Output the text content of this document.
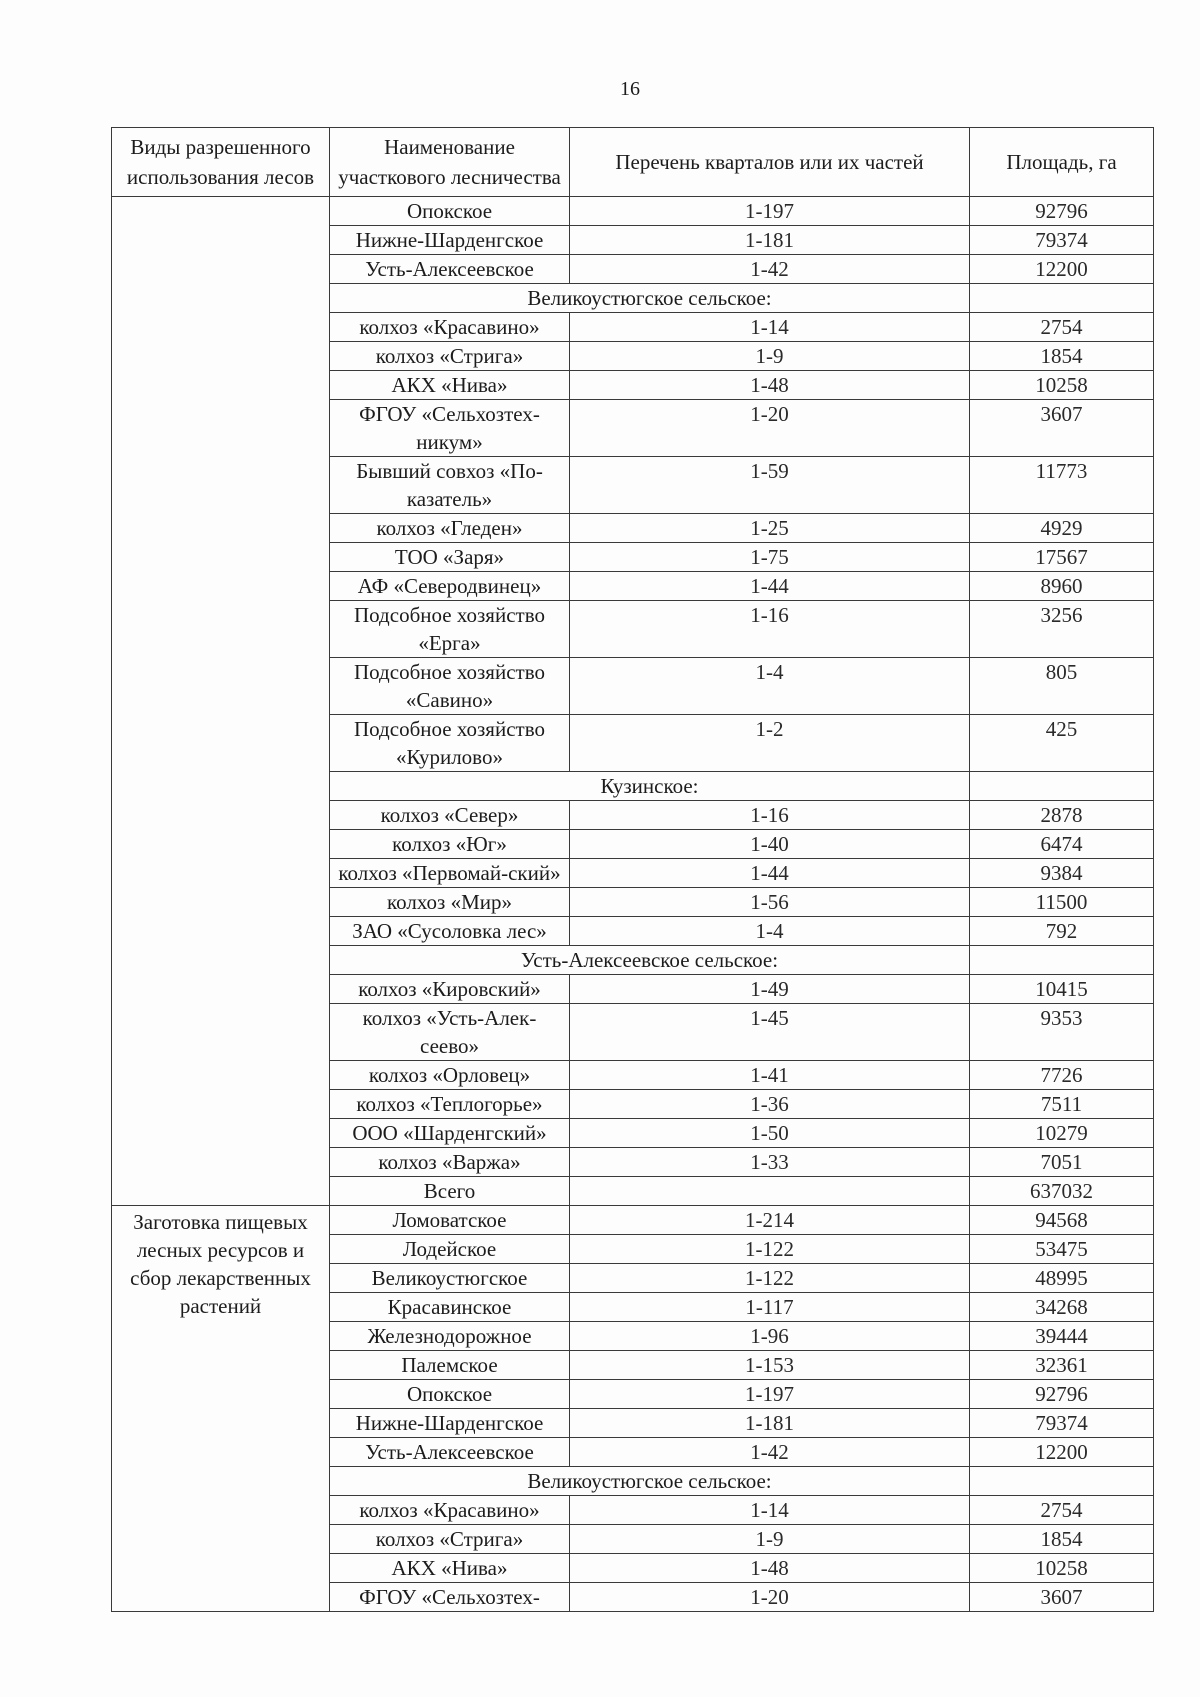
16
Виды разрешенного использования лесов	Наименование участкового лесничества	Перечень кварталов или их частей	Площадь, га
	Опокское	1-197	92796
	Нижне-Шарденгское	1-181	79374
	Усть-Алексеевское	1-42	12200
	Великоустюгское сельское:		
	колхоз «Красавино»	1-14	2754
	колхоз «Стрига»	1-9	1854
	АКХ «Нива»	1-48	10258
	ФГОУ «Сельхозтех-никум»	1-20	3607
	Бывший совхоз «По-казатель»	1-59	11773
	колхоз «Гледен»	1-25	4929
	ТОО «Заря»	1-75	17567
	АФ «Северодвинец»	1-44	8960
	Подсобное хозяйство «Ерга»	1-16	3256
	Подсобное хозяйство «Савино»	1-4	805
	Подсобное хозяйство «Курилово»	1-2	425
	Кузинское:		
	колхоз «Север»	1-16	2878
	колхоз «Юг»	1-40	6474
	колхоз «Первомай-ский»	1-44	9384
	колхоз «Мир»	1-56	11500
	ЗАО «Сусоловка лес»	1-4	792
	Усть-Алексеевское сельское:		
	колхоз «Кировский»	1-49	10415
	колхоз «Усть-Алек-сеево»	1-45	9353
	колхоз «Орловец»	1-41	7726
	колхоз «Теплогорье»	1-36	7511
	ООО «Шарденгский»	1-50	10279
	колхоз «Варжа»	1-33	7051
	Всего		637032
Заготовка пищевых лесных ресурсов и сбор лекарственных растений	Ломоватское	1-214	94568
	Лодейское	1-122	53475
	Великоустюгское	1-122	48995
	Красавинское	1-117	34268
	Железнодорожное	1-96	39444
	Палемское	1-153	32361
	Опокское	1-197	92796
	Нижне-Шарденгское	1-181	79374
	Усть-Алексеевское	1-42	12200
	Великоустюгское сельское:		
	колхоз «Красавино»	1-14	2754
	колхоз «Стрига»	1-9	1854
	АКХ «Нива»	1-48	10258
	ФГОУ «Сельхозтех-	1-20	3607
